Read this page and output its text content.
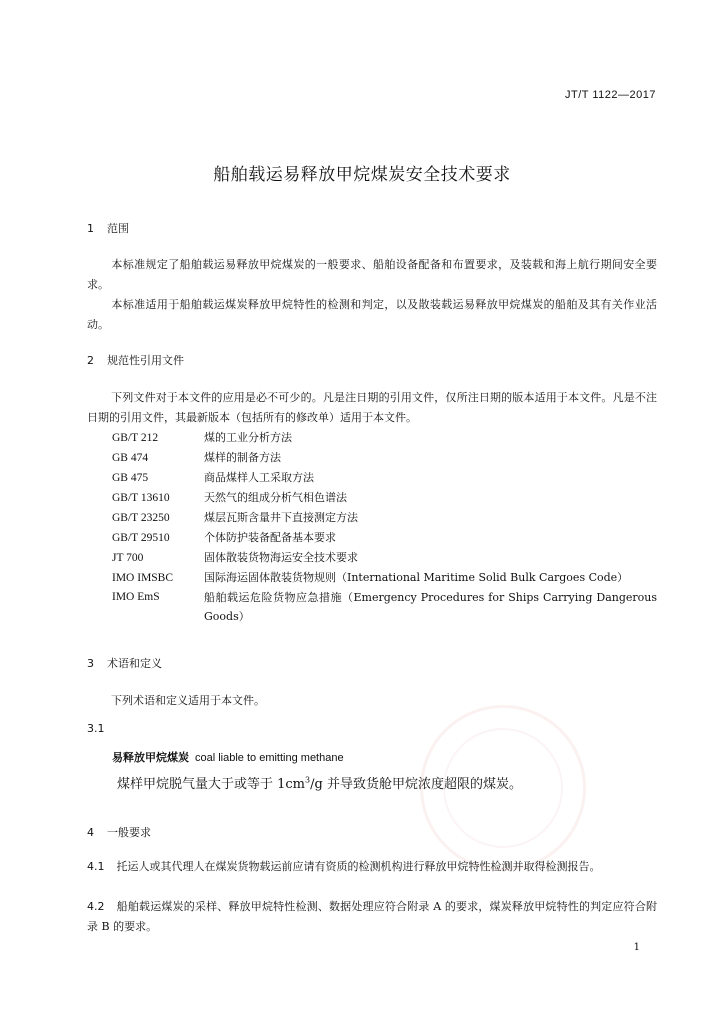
JT/T 1122—2017
船舶载运易释放甲烷煤炭安全技术要求
1 范围
本标准规定了船舶载运易释放甲烷煤炭的一般要求、船舶设备配备和布置要求，及装载和海上航行期间安全要求。
本标准适用于船舶载运煤炭释放甲烷特性的检测和判定，以及散装载运易释放甲烷煤炭的船舶及其有关作业活动。
2 规范性引用文件
下列文件对于本文件的应用是必不可少的。凡是注日期的引用文件，仅所注日期的版本适用于本文件。凡是不注日期的引用文件，其最新版本（包括所有的修改单）适用于本文件。
GB/T 212	煤的工业分析方法
GB 474	煤样的制备方法
GB 475	商品煤样人工采取方法
GB/T 13610	天然气的组成分析气相色谱法
GB/T 23250	煤层瓦斯含量井下直接测定方法
GB/T 29510	个体防护装备配备基本要求
JT 700	固体散装货物海运安全技术要求
IMO IMSBC	国际海运固体散装货物规则（International Maritime Solid Bulk Cargoes Code）
IMO EmS	船舶载运危险货物应急措施（Emergency Procedures for Ships Carrying Dangerous Goods）
3 术语和定义
下列术语和定义适用于本文件。
3.1
易释放甲烷煤炭 coal liable to emitting methane
煤样甲烷脱气量大于或等于 $1cm^3/g$ 并导致货舱甲烷浓度超限的煤炭。
4 一般要求
4.1 托运人或其代理人在煤炭货物载运前应请有资质的检测机构进行释放甲烷特性检测并取得检测报告。
4.2 船舶载运煤炭的采样、释放甲烷特性检测、数据处理应符合附录 A 的要求，煤炭释放甲烷特性的判定应符合附录 B 的要求。
1
